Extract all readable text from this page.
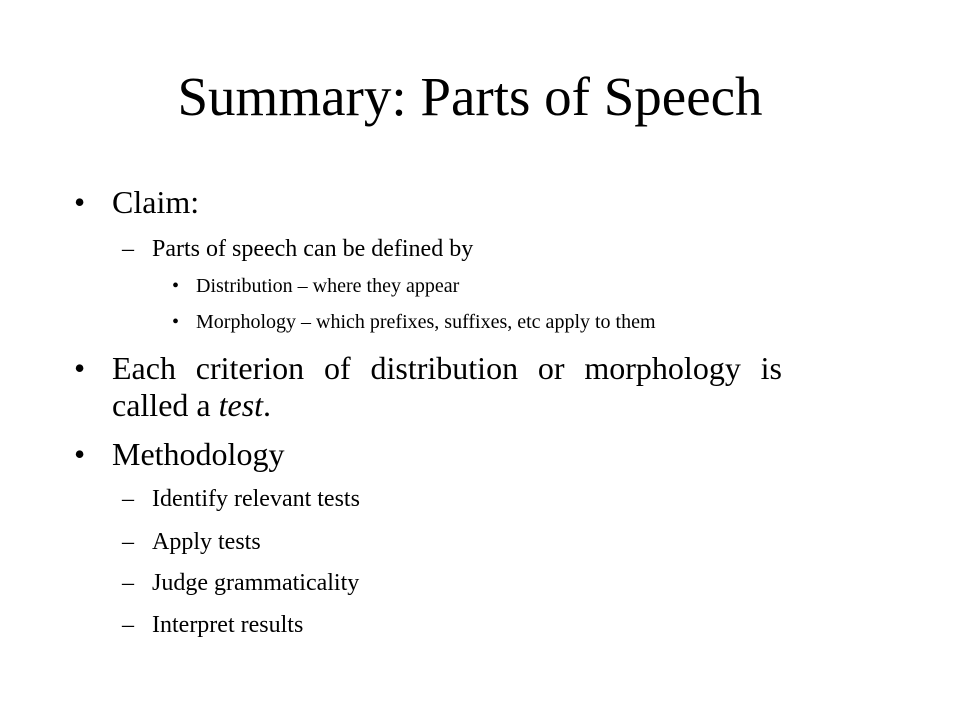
Summary: Parts of Speech
• Claim:
– Parts of speech can be defined by
• Distribution – where they appear
• Morphology – which prefixes, suffixes, etc apply to them
• Each criterion of distribution or morphology is
called a test.
• Methodology
– Identify relevant tests
– Apply tests
– Judge grammaticality
– Interpret results
